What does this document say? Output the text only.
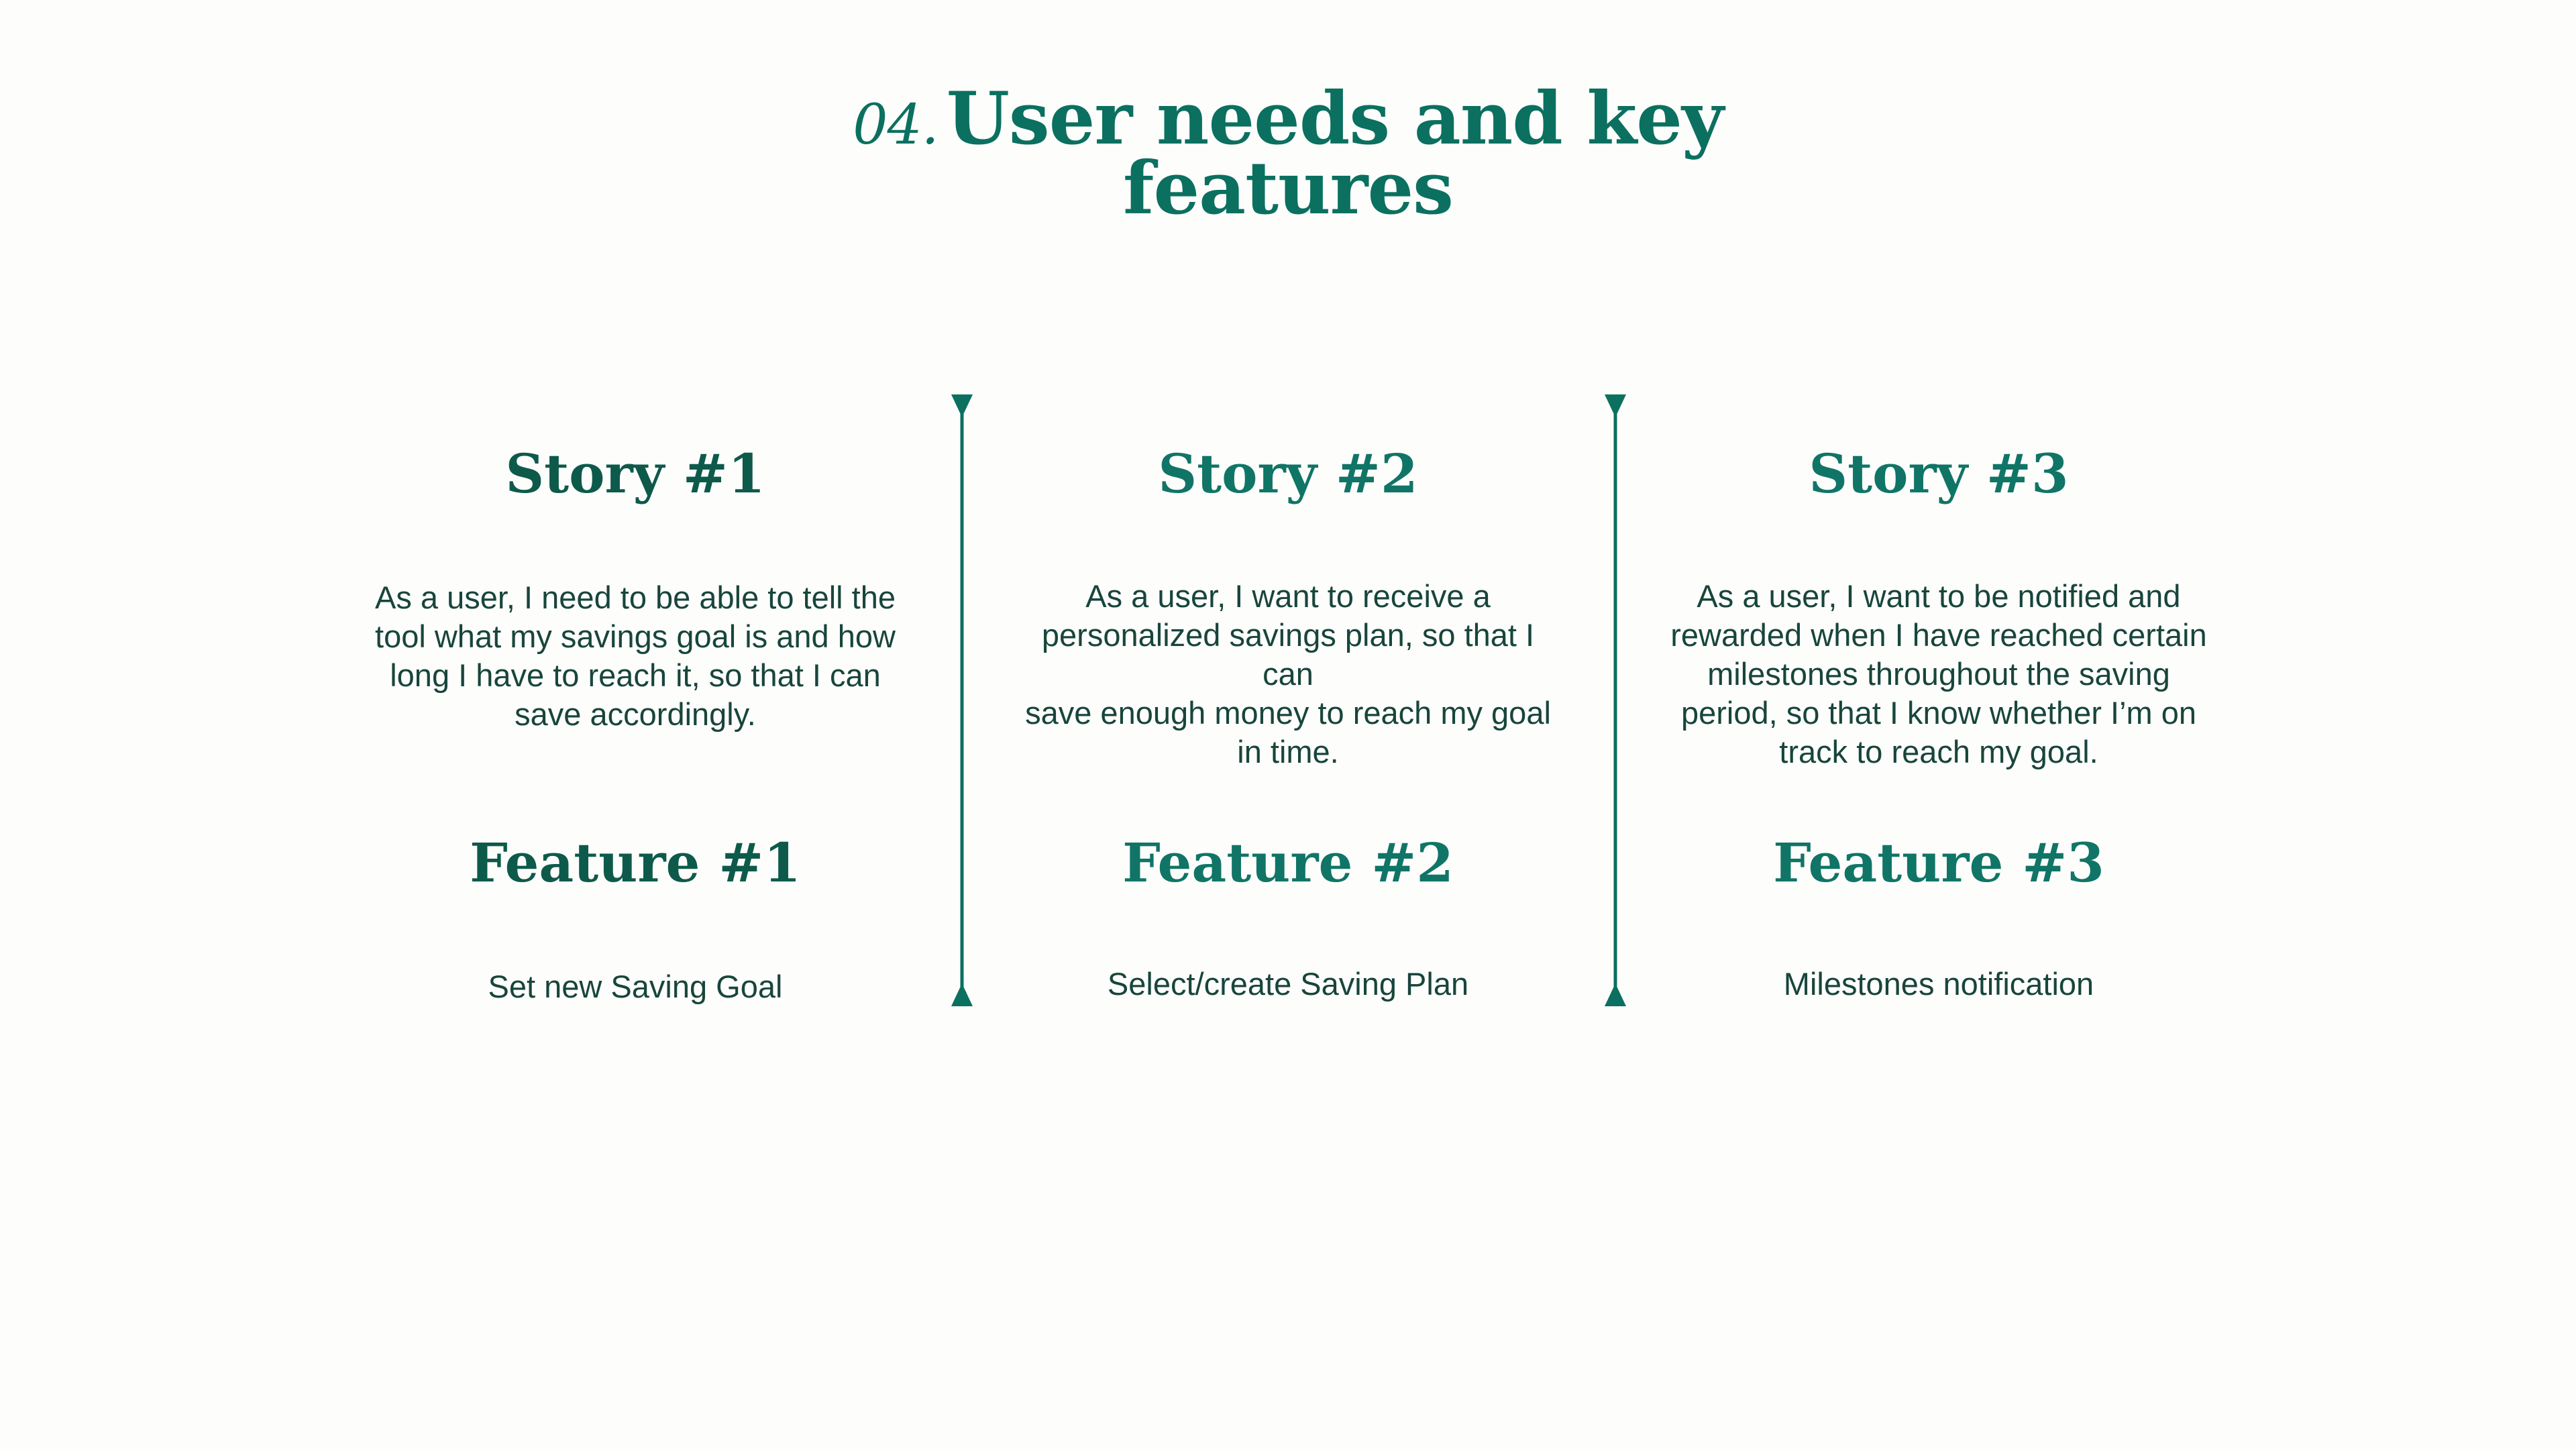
04. User needs and key
features
Story #1
As a user, I need to be able to tell the
tool what my savings goal is and how
long I have to reach it, so that I can
save accordingly.
Feature #1
Set new Saving Goal
Story #2
As a user, I want to receive a
personalized savings plan, so that I can
save enough money to reach my goal
in time.
Feature #2
Select/create Saving Plan
Story #3
As a user, I want to be notified and
rewarded when I have reached certain
milestones throughout the saving
period, so that I know whether I’m on
track to reach my goal.
Feature #3
Milestones notification
